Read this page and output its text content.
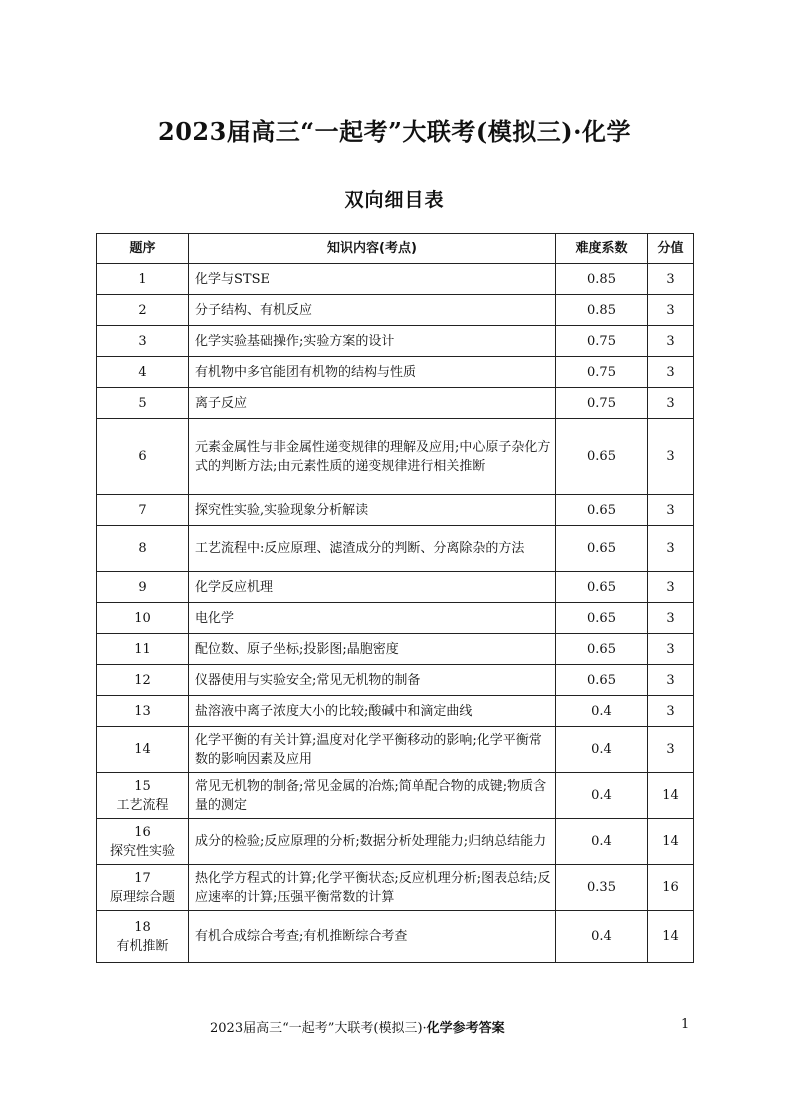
2023届高三“一起考”大联考(模拟三)·化学
双向细目表
题序	知识内容(考点)	难度系数	分值

1	化学与STSE	0.85	3

2	分子结构、有机反应	0.85	3

3	化学实验基础操作;实验方案的设计	0.75	3

4	有机物中多官能团有机物的结构与性质	0.75	3

5	离子反应	0.75	3

6	元素金属性与非金属性递变规律的理解及应用;中心原子杂化方式的判断方法;由元素性质的递变规律进行相关推断	0.65	3

7	探究性实验,实验现象分析解读	0.65	3

8	工艺流程中:反应原理、滤渣成分的判断、分离除杂的方法	0.65	3

9	化学反应机理	0.65	3

10	电化学	0.65	3

11	配位数、原子坐标;投影图;晶胞密度	0.65	3

12	仪器使用与实验安全;常见无机物的制备	0.65	3

13	盐溶液中离子浓度大小的比较;酸碱中和滴定曲线	0.4	3

14	化学平衡的有关计算;温度对化学平衡移动的影响;化学平衡常数的影响因素及应用	0.4	3

15
工艺流程	常见无机物的制备;常见金属的冶炼;简单配合物的成键;物质含量的测定	0.4	14

16
探究性实验	成分的检验;反应原理的分析;数据分析处理能力;归纳总结能力	0.4	14

17
原理综合题	热化学方程式的计算;化学平衡状态;反应机理分析;图表总结;反应速率的计算;压强平衡常数的计算	0.35	16

18
有机推断	有机合成综合考查;有机推断综合考查	0.4	14
2023届高三“一起考”大联考(模拟三)·化学参考答案	1
